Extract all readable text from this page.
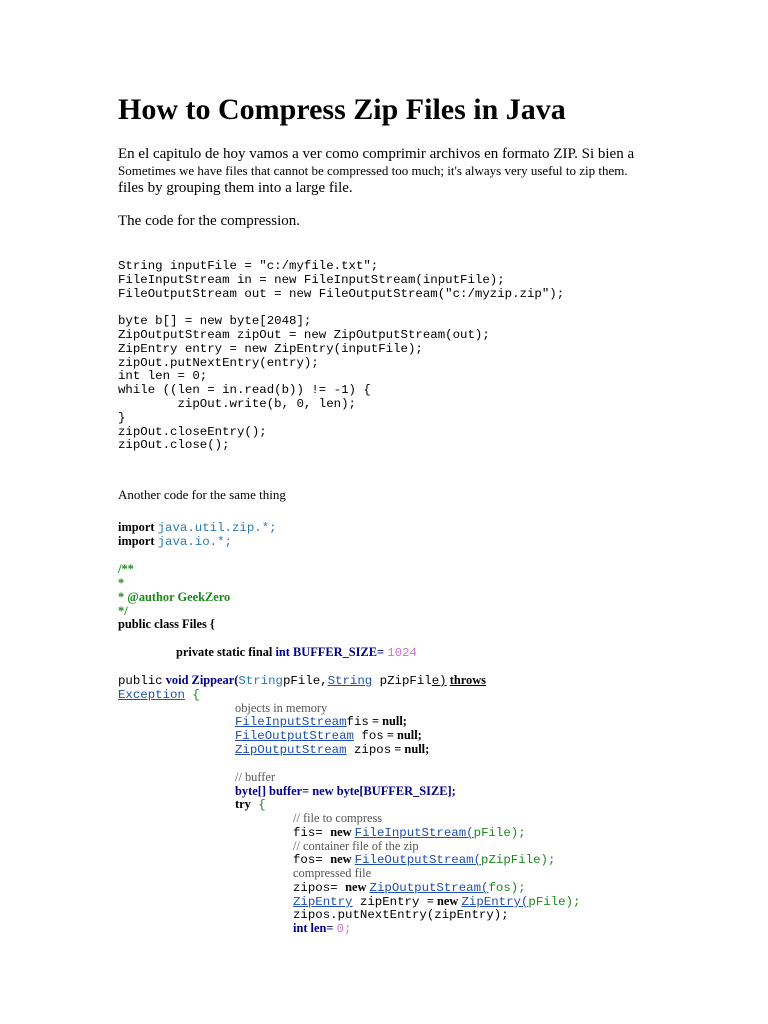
How to Compress Zip Files in Java
En el capitulo de hoy vamos a ver como comprimir archivos en formato ZIP. Si bien a
Sometimes we have files that cannot be compressed too much; it's always very useful to zip them.
files by grouping them into a large file.
The code for the compression.
String inputFile = "c:/myfile.txt";
FileInputStream in = new FileInputStream(inputFile);
FileOutputStream out = new FileOutputStream("c:/myzip.zip");

byte b[] = new byte[2048];
ZipOutputStream zipOut = new ZipOutputStream(out);
ZipEntry entry = new ZipEntry(inputFile);
zipOut.putNextEntry(entry);
int len = 0;
while ((len = in.read(b)) != -1) {
zipOut.write(b, 0, len);
}
zipOut.closeEntry();
zipOut.close();
Another code for the same thing
import java.util.zip.*;
import java.io.*;
/**
*
* @author GeekZero
*/
public class Files {
private static final int BUFFER_SIZE= 1024
public void Zippear(StringpFile,String pZipFile) throws
Exception {
objects in memory
FileInputStreamfis = null;
FileOutputStream fos = null;
ZipOutputStream zipos = null;
// buffer
byte[] buffer= new byte[BUFFER_SIZE];
try {
// file to compress
fis= new FileInputStream(pFile);
// container file of the zip
fos= new FileOutputStream(pZipFile);
compressed file
zipos= new ZipOutputStream(fos);
ZipEntry zipEntry = new ZipEntry(pFile);
zipos.putNextEntry(zipEntry);
int len= 0;
